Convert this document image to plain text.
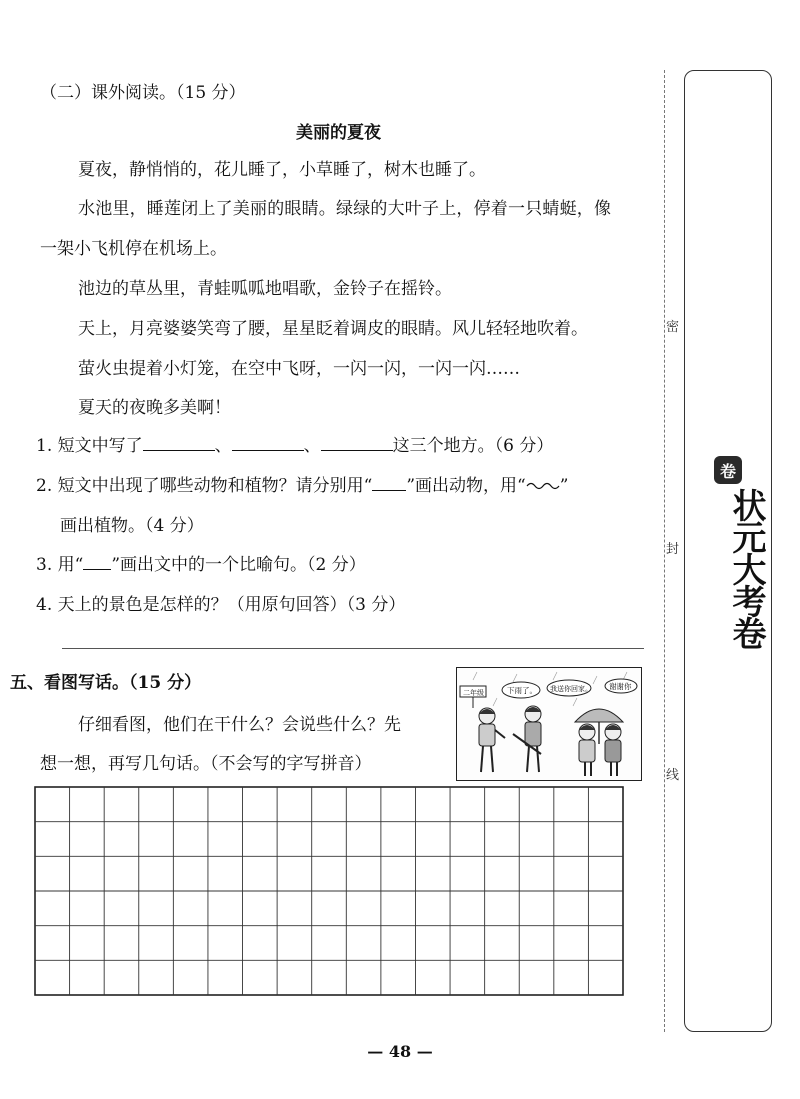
（二）课外阅读。（15 分）
美丽的夏夜
夏夜，静悄悄的，花儿睡了，小草睡了，树木也睡了。
水池里，睡莲闭上了美丽的眼睛。绿绿的大叶子上，停着一只蜻蜓，像
一架小飞机停在机场上。
池边的草丛里，青蛙呱呱地唱歌，金铃子在摇铃。
天上，月亮婆婆笑弯了腰，星星眨着调皮的眼睛。风儿轻轻地吹着。
萤火虫提着小灯笼，在空中飞呀，一闪一闪，一闪一闪……
夏天的夜晚多美啊！
1. 短文中写了	、	、	这三个地方。（6 分）
2. 短文中出现了哪些动物和植物？请分别用“ ”画出动物，用“ ”
画出植物。（4 分）
3. 用“ ”画出文中的一个比喻句。（2 分）
4. 天上的景色是怎样的？（用原句回答）（3 分）
五、看图写话。（15 分）
仔细看图，他们在干什么？会说些什么？先
想一想，再写几句话。（不会写的字写拼音）
二年级	下雨了。 我送你回家。 谢谢你
密
封
线
卷
状元大考卷
— 48 —
